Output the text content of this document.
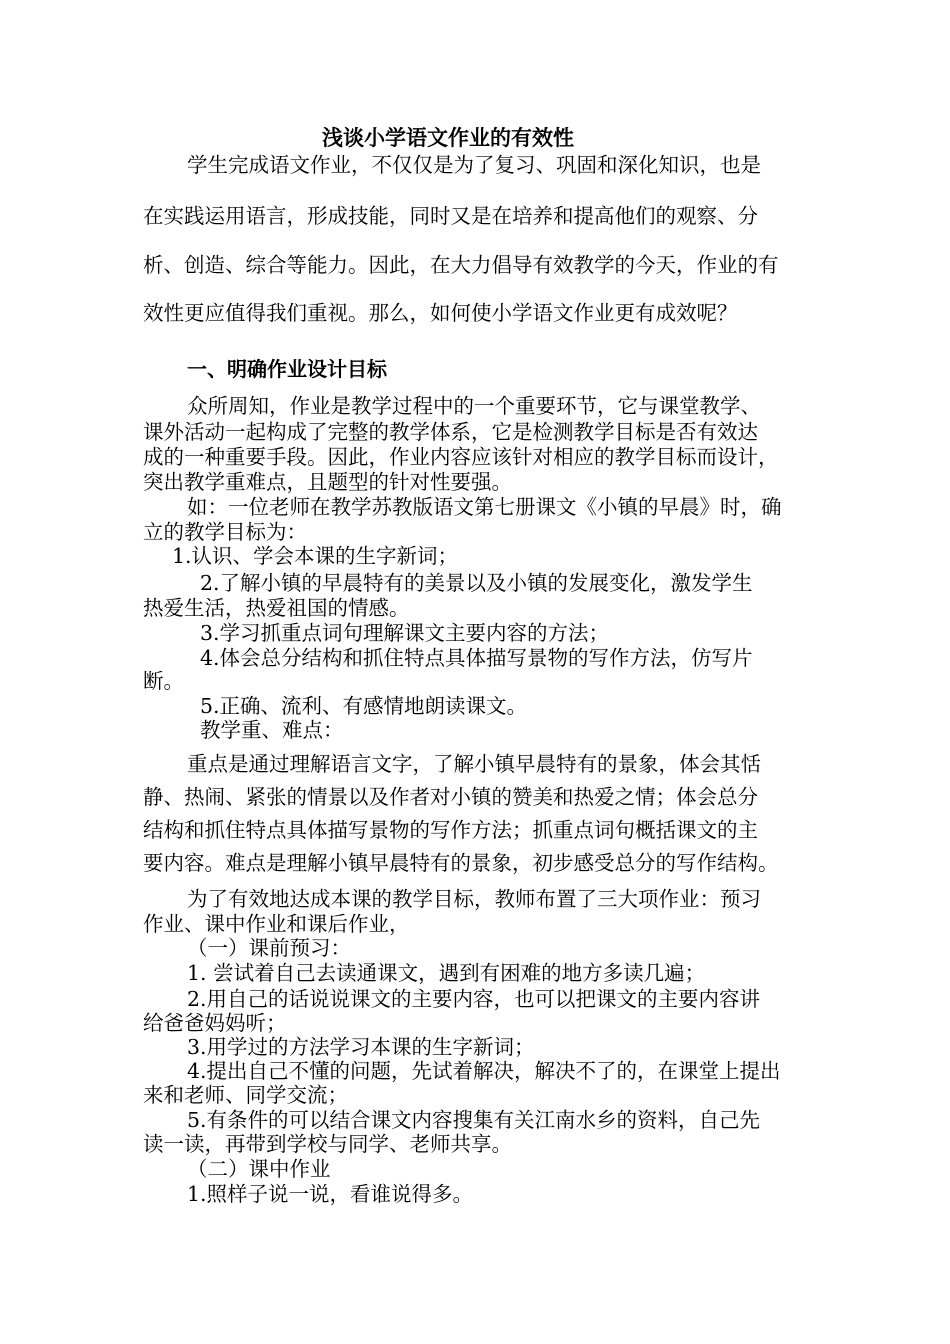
浅谈小学语文作业的有效性
学生完成语文作业，不仅仅是为了复习、巩固和深化知识，也是
在实践运用语言，形成技能，同时又是在培养和提高他们的观察、分
析、创造、综合等能力。因此，在大力倡导有效教学的今天，作业的有
效性更应值得我们重视。那么，如何使小学语文作业更有成效呢？
一、明确作业设计目标
众所周知，作业是教学过程中的一个重要环节，它与课堂教学、
课外活动一起构成了完整的教学体系，它是检测教学目标是否有效达
成的一种重要手段。因此，作业内容应该针对相应的教学目标而设计，
突出教学重难点，且题型的针对性要强。
如：一位老师在教学苏教版语文第七册课文《小镇的早晨》时，确
立的教学目标为：
1.认识、学会本课的生字新词；
2.了解小镇的早晨特有的美景以及小镇的发展变化，激发学生
热爱生活，热爱祖国的情感。
3.学习抓重点词句理解课文主要内容的方法；
4.体会总分结构和抓住特点具体描写景物的写作方法，仿写片
断。
5.正确、流利、有感情地朗读课文。
教学重、难点：
重点是通过理解语言文字，了解小镇早晨特有的景象，体会其恬
静、热闹、紧张的情景以及作者对小镇的赞美和热爱之情；体会总分
结构和抓住特点具体描写景物的写作方法；抓重点词句概括课文的主
要内容。难点是理解小镇早晨特有的景象，初步感受总分的写作结构。
为了有效地达成本课的教学目标，教师布置了三大项作业：预习
作业、课中作业和课后作业，
（一）课前预习：
1. 尝试着自己去读通课文，遇到有困难的地方多读几遍；
2.用自己的话说说课文的主要内容，也可以把课文的主要内容讲
给爸爸妈妈听；
3.用学过的方法学习本课的生字新词；
4.提出自己不懂的问题，先试着解决，解决不了的，在课堂上提出
来和老师、同学交流；
5.有条件的可以结合课文内容搜集有关江南水乡的资料，自己先
读一读，再带到学校与同学、老师共享。
（二）课中作业
1.照样子说一说，看谁说得多。
